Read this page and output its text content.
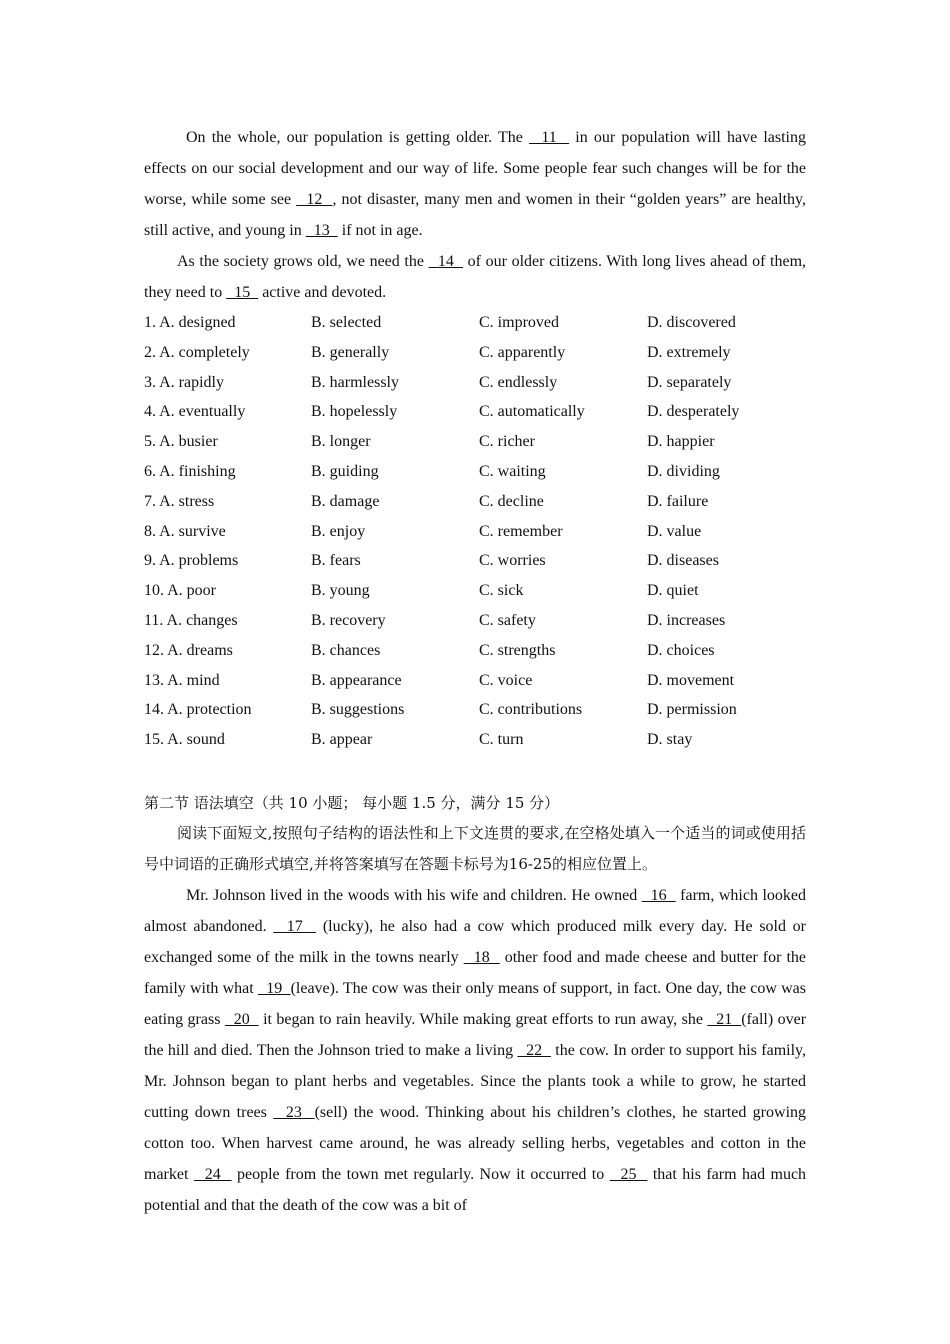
On the whole, our population is getting older. The   11   in our population will have lasting effects on our social development and our way of life. Some people fear such changes will be for the worse, while some see   12  , not disaster, many men and women in their “golden years” are healthy, still active, and young in   13   if not in age.

As the society grows old, we need the   14   of our older citizens. With long lives ahead of them, they need to   15   active and devoted.

1. A. designed	B. selected	C. improved	D. discovered
2. A. completely	B. generally	C. apparently	D. extremely
3. A. rapidly	B. harmlessly	C. endlessly	D. separately
4. A. eventually	B. hopelessly	C. automatically	D. desperately
5. A. busier	B. longer	C. richer	D. happier
6. A. finishing	B. guiding	C. waiting	D. dividing
7. A. stress	B. damage	C. decline	D. failure
8. A. survive	B. enjoy	C. remember	D. value
9. A. problems	B. fears	C. worries	D. diseases
10. A. poor	B. young	C. sick	D. quiet
11. A. changes	B. recovery	C. safety	D. increases
12. A. dreams	B. chances	C. strengths	D. choices
13. A. mind	B. appearance	C. voice	D. movement
14. A. protection	B. suggestions	C. contributions	D. permission
15. A. sound	B. appear	C. turn	D. stay
第二节 语法填空（共 10 小题； 每小题 1.5 分，满分 15 分）

阅读下面短文,按照句子结构的语法性和上下文连贯的要求,在空格处填入一个适当的词或使用括号中词语的正确形式填空,并将答案填写在答题卡标号为16-25的相应位置上。

Mr. Johnson lived in the woods with his wife and children. He owned   16   farm, which looked almost abandoned.   17   (lucky), he also had a cow which produced milk every day. He sold or exchanged some of the milk in the towns nearly   18   other food and made cheese and butter for the family with what   19  (leave). The cow was their only means of support, in fact. One day, the cow was eating grass   20   it began to rain heavily. While making great efforts to run away, she   21  (fall) over the hill and died. Then the Johnson tried to make a living   22   the cow. In order to support his family, Mr. Johnson began to plant herbs and vegetables. Since the plants took a while to grow, he started cutting down trees   23  (sell) the wood. Thinking about his children’s clothes, he started growing cotton too. When harvest came around, he was already selling herbs, vegetables and cotton in the market   24   people from the town met regularly. Now it occurred to   25   that his farm had much potential and that the death of the cow was a bit of
